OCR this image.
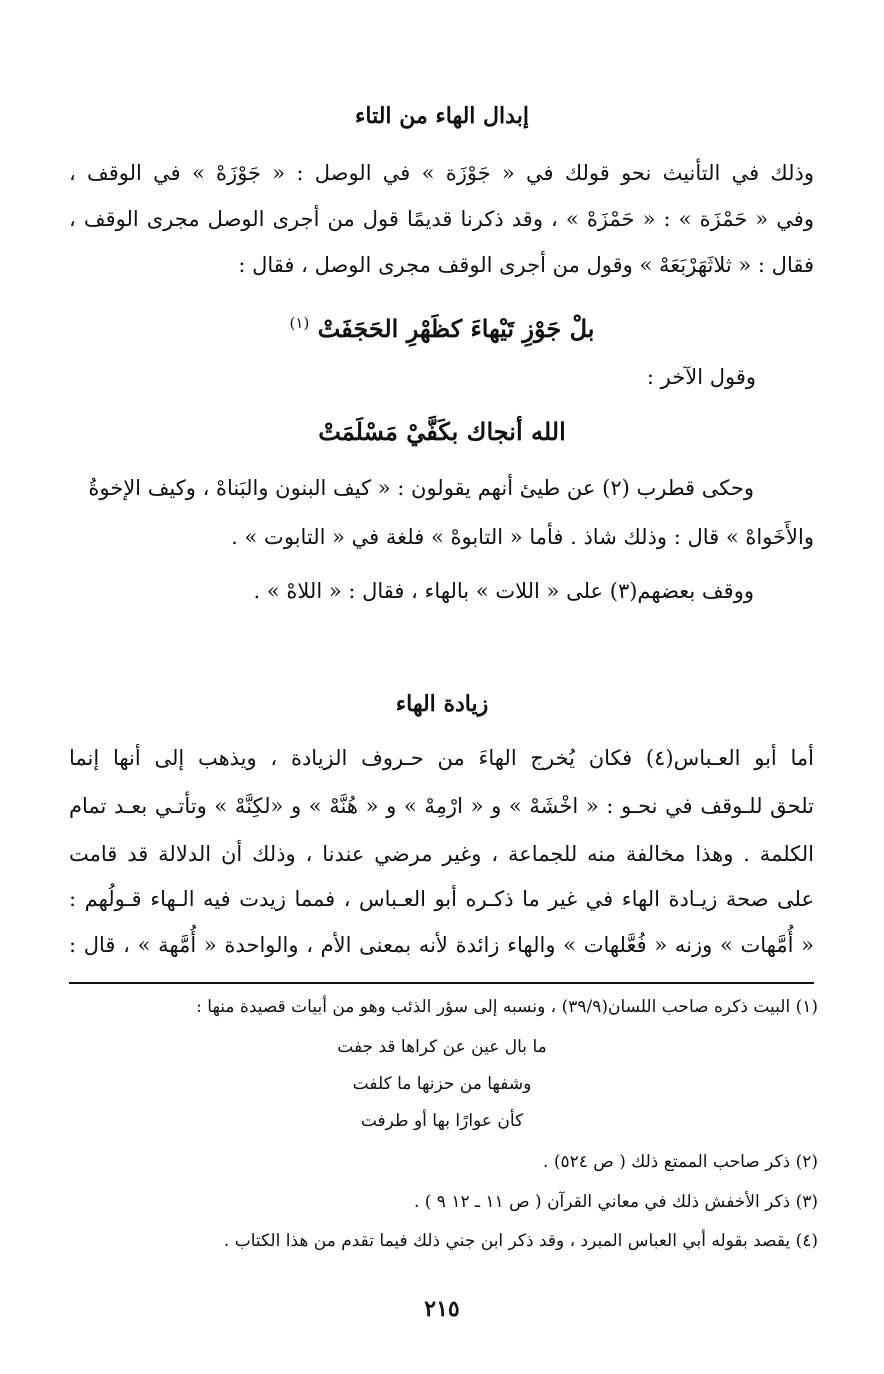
إبدال الهاء من التاء
وذلك في التأنيث نحو قولك في « جَوْزَة » في الوصل : « جَوْزَهْ » في الوقف ،
وفي « حَمْزَة » : « حَمْزَهْ » ، وقد ذكرنا قديمًا قول من أجرى الوصل مجرى الوقف ،
فقال : « ثلاثَهَرْبَعَهْ » وقول من أجرى الوقف مجرى الوصل ، فقال :
بلْ جَوْزِ تَيْهاءَ كظَهْرِ الحَجَفَتْ $^{(١)}$
وقول الآخر :
الله أنجاك بكَفَّيْ مَسْلَمَتْ
وحكى قطرب (٢) عن طيئ أنهم يقولون : « كيف البنون والبَناهْ ، وكيف الإخوةُ
والأَخَواهْ » قال : وذلك شاذ . فأما « التابوهْ » فلغة في « التابوت » .
ووقف بعضهم(٣) على « اللات » بالهاء ، فقال : « اللاهْ » .
زيادة الهاء
أما أبو العـباس(٤) فكان يُخرج الهاءَ من حـروف الزيادة ، ويذهب إلى أنها إنما
تلحق للـوقف في نحـو : « اخْشَهْ » و « ارْمِهْ » و « هُنَّهْ » و «لكِنَّهْ » وتأتـي بعـد تمام
الكلمة . وهذا مخالفة منه للجماعة ، وغير مرضي عندنا ، وذلك أن الدلالة قد قامت
على صحة زيـادة الهاء في غير ما ذكـره أبو العـباس ، فمما زيدت فيه الـهاء قـولُهم :
« أُمَّهات » وزنه « فُعَّلهات » والهاء زائدة لأنه بمعنى الأم ، والواحدة « أُمَّهة » ، قال :
(١) البيت ذكره صاحب اللسان(٣٩/٩) ، ونسبه إلى سؤر الذئب وهو من أبيات قصيدة منها :
ما بال عين عن كراها قد جفت
وشفها من حزنها ما كلفت
كأن عوارًا بها أو طرفت
(٢) ذكر صاحب الممتع ذلك ( ص ٥٢٤) .
(٣) ذكر الأخفش ذلك في معاني القرآن ( ص ١١ ـ ١٢ ٩ ) .
(٤) يقصد بقوله أبي العباس المبرد ، وقد ذكر ابن جني ذلك فيما تقدم من هذا الكتاب .
٢١٥
